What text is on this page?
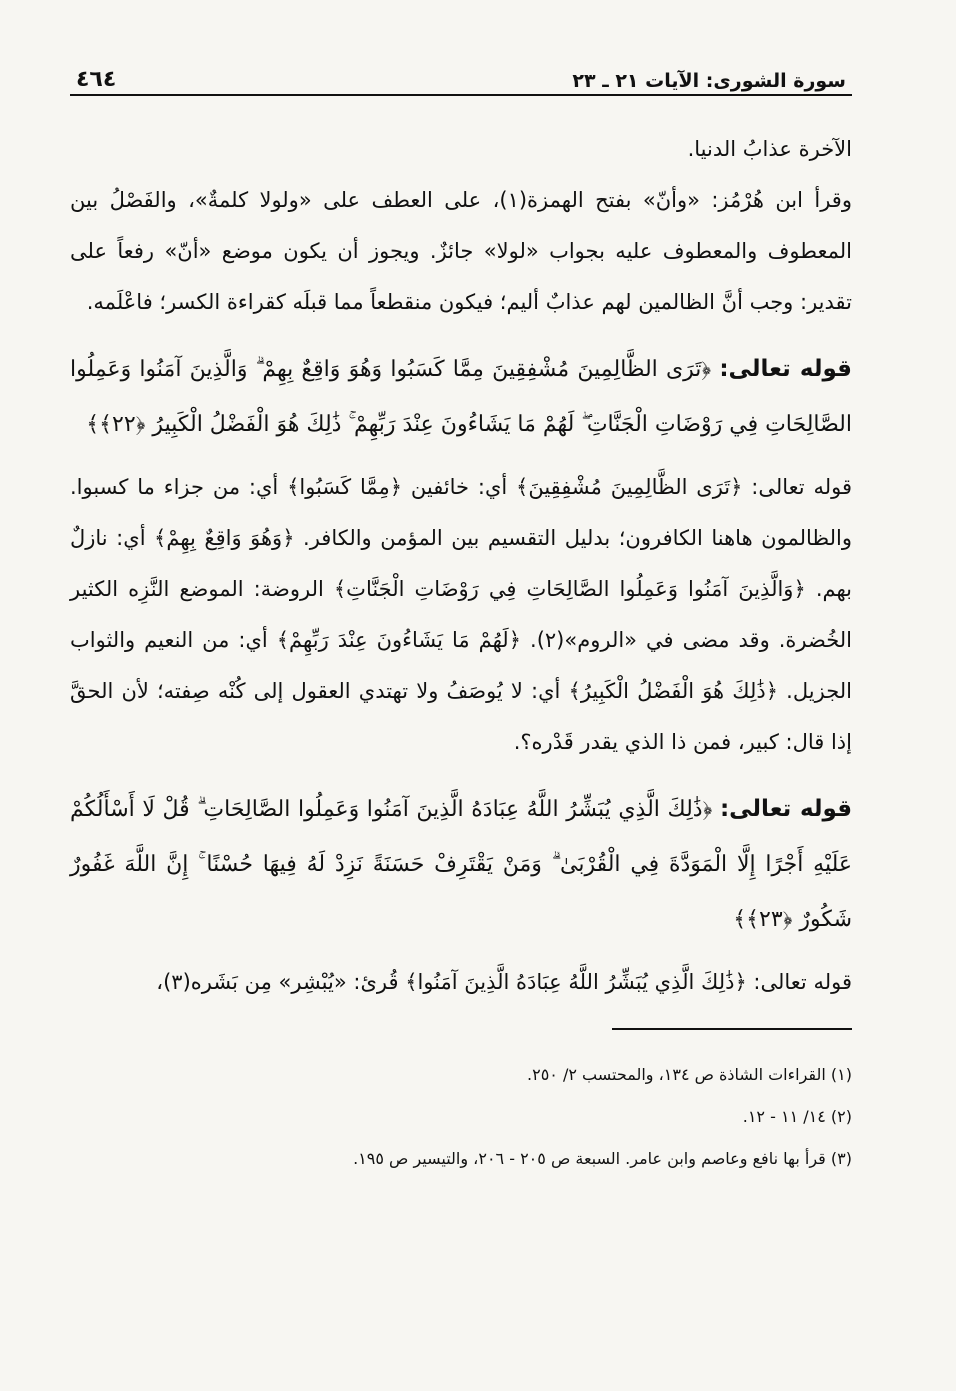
سورة الشورى: الآيات ٢١ ـ ٢٣
٤٦٤

الآخرة عذابُ الدنيا.

وقرأ ابن هُرْمُز: «وأنّ» بفتح الهمزة(١)، على العطف على «ولولا كلمةٌ»، والفَصْلُ بين المعطوف والمعطوف عليه بجواب «لولا» جائزٌ. ويجوز أن يكون موضع «أنّ» رفعاً على تقدير: وجب أنَّ الظالمين لهم عذابٌ أليم؛ فيكون منقطعاً مما قبلَه كقراءة الكسر؛ فاعْلَمه.

قوله تعالى: ﴿تَرَى الظَّالِمِينَ مُشْفِقِينَ مِمَّا كَسَبُوا وَهُوَ وَاقِعٌ بِهِمْ ۗ وَالَّذِينَ آمَنُوا وَعَمِلُوا الصَّالِحَاتِ فِي رَوْضَاتِ الْجَنَّاتِ ۖ لَهُمْ مَا يَشَاءُونَ عِنْدَ رَبِّهِمْ ۚ ذَٰلِكَ هُوَ الْفَضْلُ الْكَبِيرُ ﴿٢٢﴾﴾

قوله تعالى: ﴿تَرَى الظَّالِمِينَ مُشْفِقِينَ﴾ أي: خائفين ﴿مِمَّا كَسَبُوا﴾ أي: من جزاء ما كسبوا. والظالمون هاهنا الكافرون؛ بدليل التقسيم بين المؤمن والكافر. ﴿وَهُوَ وَاقِعٌ بِهِمْ﴾ أي: نازلٌ بهم. ﴿وَالَّذِينَ آمَنُوا وَعَمِلُوا الصَّالِحَاتِ فِي رَوْضَاتِ الْجَنَّاتِ﴾ الروضة: الموضع النَّزِه الكثير الخُضرة. وقد مضى في «الروم»(٢). ﴿لَهُمْ مَا يَشَاءُونَ عِنْدَ رَبِّهِمْ﴾ أي: من النعيم والثواب الجزيل. ﴿ذَٰلِكَ هُوَ الْفَضْلُ الْكَبِيرُ﴾ أي: لا يُوصَفُ ولا تهتدي العقول إلى كُنْه صِفته؛ لأن الحقَّ إذا قال: كبير، فمن ذا الذي يقدر قَدْره؟.

قوله تعالى: ﴿ذَٰلِكَ الَّذِي يُبَشِّرُ اللَّهُ عِبَادَهُ الَّذِينَ آمَنُوا وَعَمِلُوا الصَّالِحَاتِ ۗ قُلْ لَا أَسْأَلُكُمْ عَلَيْهِ أَجْرًا إِلَّا الْمَوَدَّةَ فِي الْقُرْبَىٰ ۗ وَمَنْ يَقْتَرِفْ حَسَنَةً نَزِدْ لَهُ فِيهَا حُسْنًا ۚ إِنَّ اللَّهَ غَفُورٌ شَكُورٌ ﴿٢٣﴾﴾

قوله تعالى: ﴿ذَٰلِكَ الَّذِي يُبَشِّرُ اللَّهُ عِبَادَهُ الَّذِينَ آمَنُوا﴾ قُرئ: «يُبْشِر» مِن بَشَره(٣)،

(١) القراءات الشاذة ص ١٣٤، والمحتسب ٢/ ٢٥٠.

(٢) ١٤/ ١١ - ١٢.

(٣) قرأ بها نافع وعاصم وابن عامر. السبعة ص ٢٠٥ - ٢٠٦، والتيسير ص ١٩٥.
